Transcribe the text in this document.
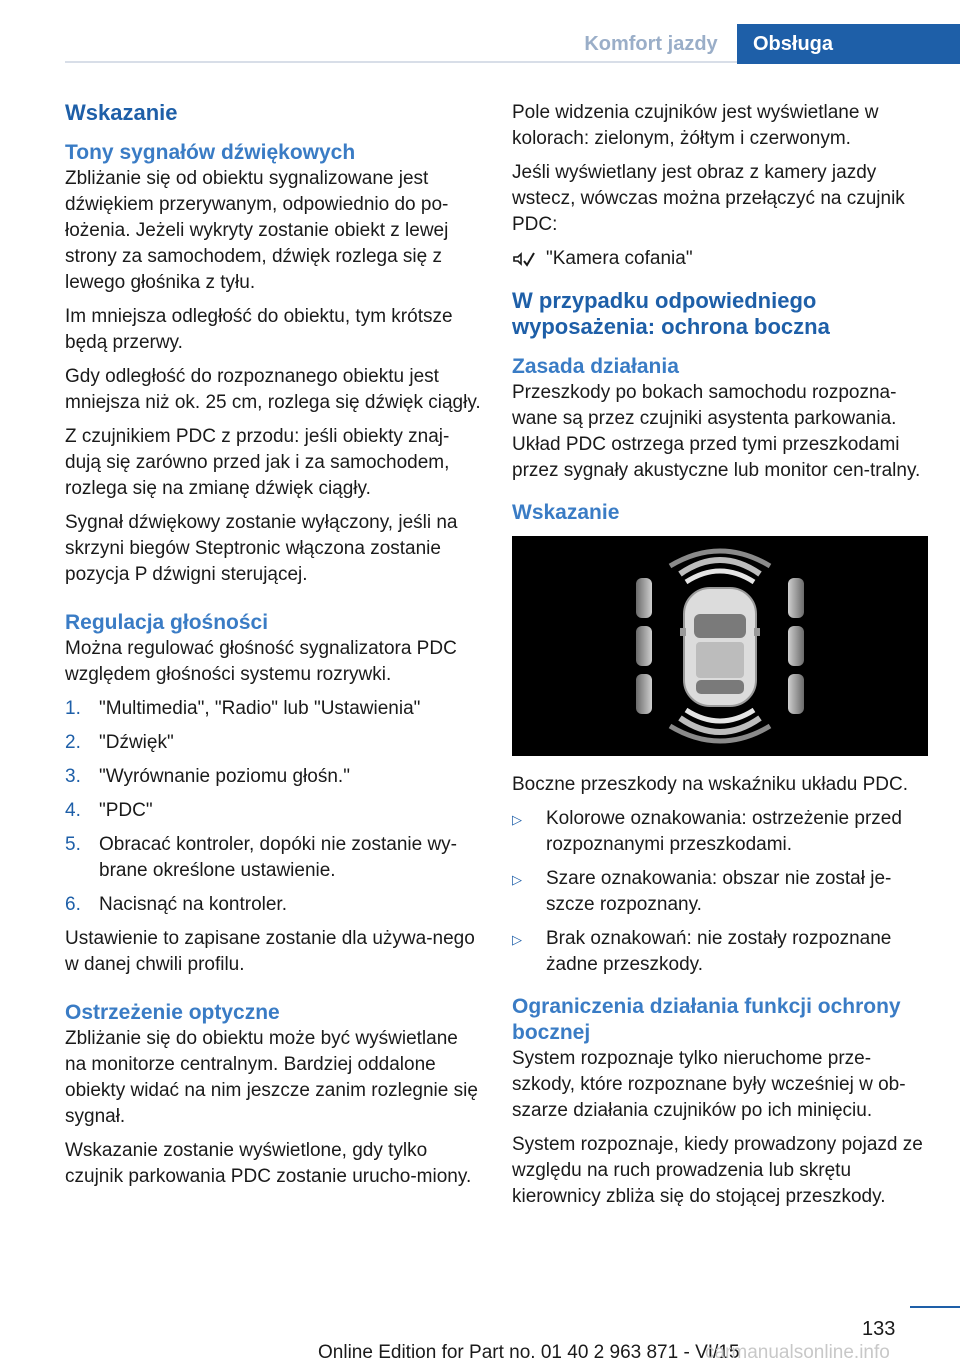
Komfort jazdy	Obsługa
Wskazanie
Tony sygnałów dźwiękowych

Zbliżanie się od obiektu sygnalizowane jest dźwiękiem przerywanym, odpowiednio do po-łożenia. Jeżeli wykryty zostanie obiekt z lewej strony za samochodem, dźwięk rozlega się z lewego głośnika z tyłu.

Im mniejsza odległość do obiektu, tym krótsze będą przerwy.

Gdy odległość do rozpoznanego obiektu jest mniejsza niż ok. 25 cm, rozlega się dźwięk ciągły.

Z czujnikiem PDC z przodu: jeśli obiekty znaj-dują się zarówno przed jak i za samochodem, rozlega się na zmianę dźwięk ciągły.

Sygnał dźwiękowy zostanie wyłączony, jeśli na skrzyni biegów Steptronic włączona zostanie pozycja P dźwigni sterującej.

Regulacja głośności

Można regulować głośność sygnalizatora PDC względem głośności systemu rozrywki.

1. "Multimedia", "Radio" lub "Ustawienia"
2. "Dźwięk"
3. "Wyrównanie poziomu głośn."
4. "PDC"
5. Obracać kontroler, dopóki nie zostanie wy-brane określone ustawienie.
6. Nacisnąć na kontroler.

Ustawienie to zapisane zostanie dla używa-nego w danej chwili profilu.

Ostrzeżenie optyczne

Zbliżanie się do obiektu może być wyświetlane na monitorze centralnym. Bardziej oddalone obiekty widać na nim jeszcze zanim rozlegnie się sygnał.

Wskazanie zostanie wyświetlone, gdy tylko czujnik parkowania PDC zostanie urucho-miony.

Pole widzenia czujników jest wyświetlane w kolorach: zielonym, żółtym i czerwonym.

Jeśli wyświetlany jest obraz z kamery jazdy wstecz, wówczas można przełączyć na czujnik PDC:

"Kamera cofania"
W przypadku odpowiedniego wyposażenia: ochrona boczna
Zasada działania

Przeszkody po bokach samochodu rozpozna-wane są przez czujniki asystenta parkowania. Układ PDC ostrzega przed tymi przeszkodami przez sygnały akustyczne lub monitor cen-tralny.

Wskazanie

Boczne przeszkody na wskaźniku układu PDC.

▷	Kolorowe oznakowania: ostrzeżenie przed rozpoznanymi przeszkodami.
▷	Szare oznakowania: obszar nie został je-szcze rozpoznany.
▷	Brak oznakowań: nie zostały rozpoznane żadne przeszkody.
Ograniczenia działania funkcji ochrony bocznej

System rozpoznaje tylko nieruchome prze-szkody, które rozpoznane były wcześniej w ob-szarze działania czujników po ich minięciu.

System rozpoznaje, kiedy prowadzony pojazd ze względu na ruch prowadzenia lub skrętu kierownicy zbliża się do stojącej przeszkody.

133
Online Edition for Part no. 01 40 2 963 871 - VI/15
carmanualsonline.info
